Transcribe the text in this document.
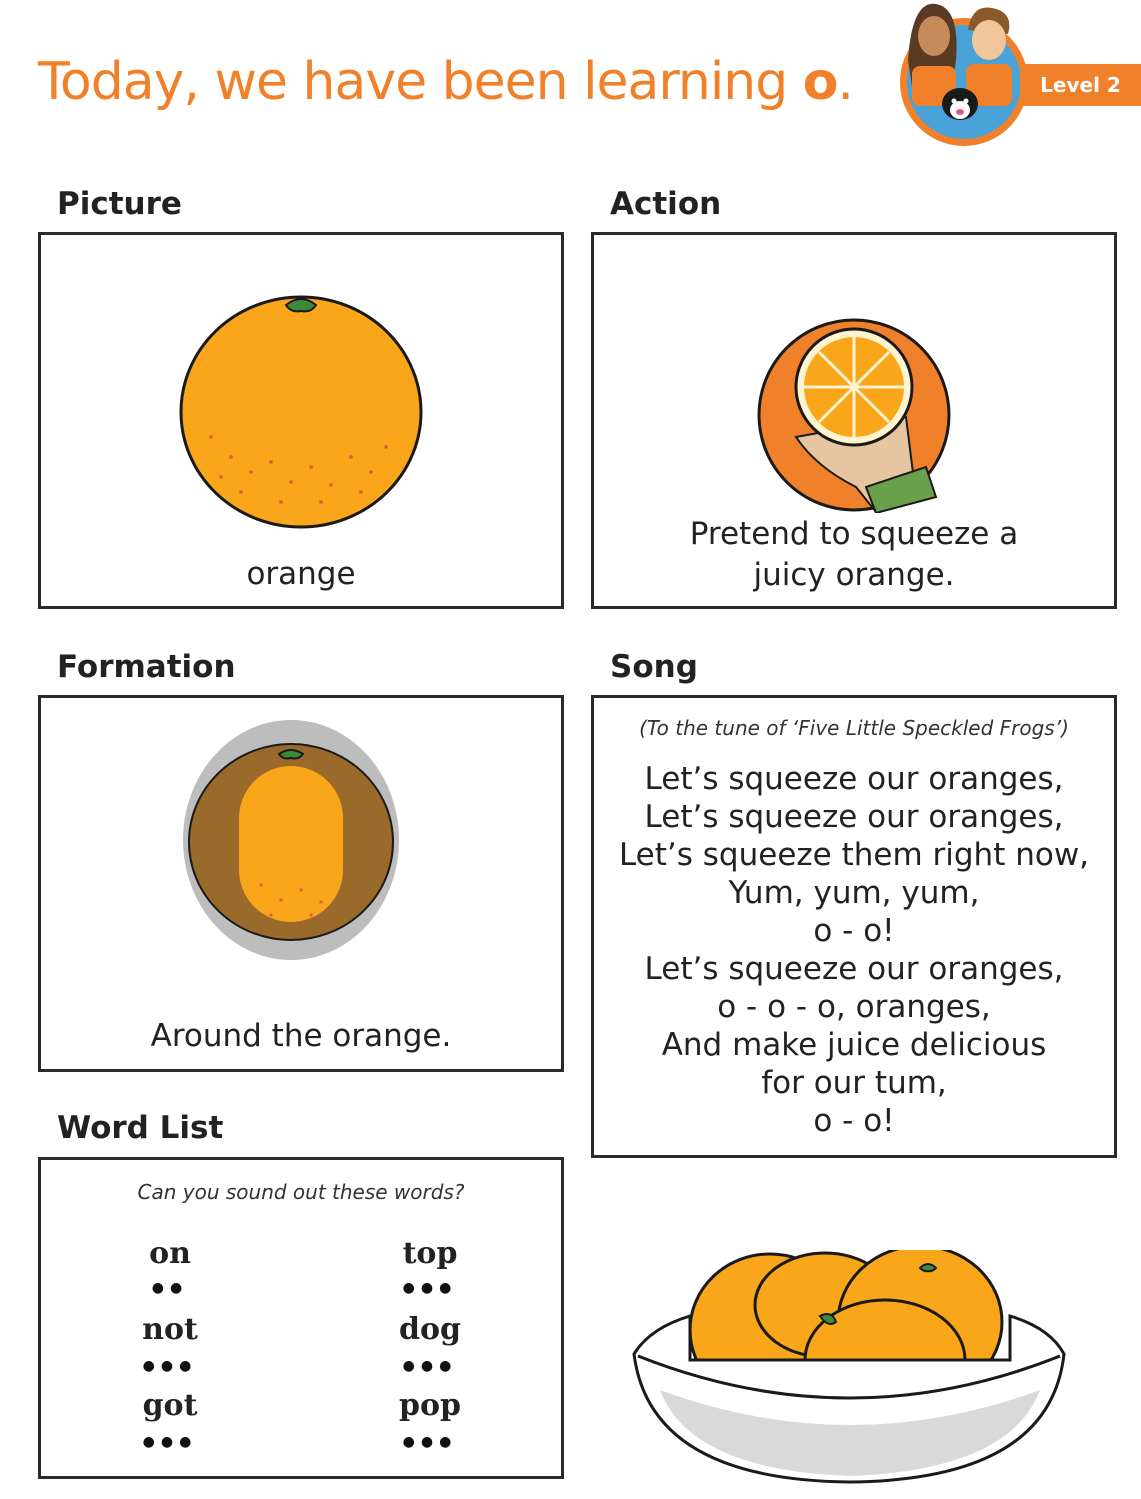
Today, we have been learning o.	Level 2
Picture
orange
Action
Pretend to squeeze a
juicy orange.
Formation
Around the orange.
Song
(To the tune of ‘Five Little Speckled Frogs’)
Let’s squeeze our oranges,
Let’s squeeze our oranges,
Let’s squeeze them right now,
Yum, yum, yum,
o - o!
Let’s squeeze our oranges,
o - o - o, oranges,
And make juice delicious
for our tum,
o - o!
Word List
Can you sound out these words?
on
●●
top
●●●
not
●●●
dog
●●●
got
●●●
pop
●●●
